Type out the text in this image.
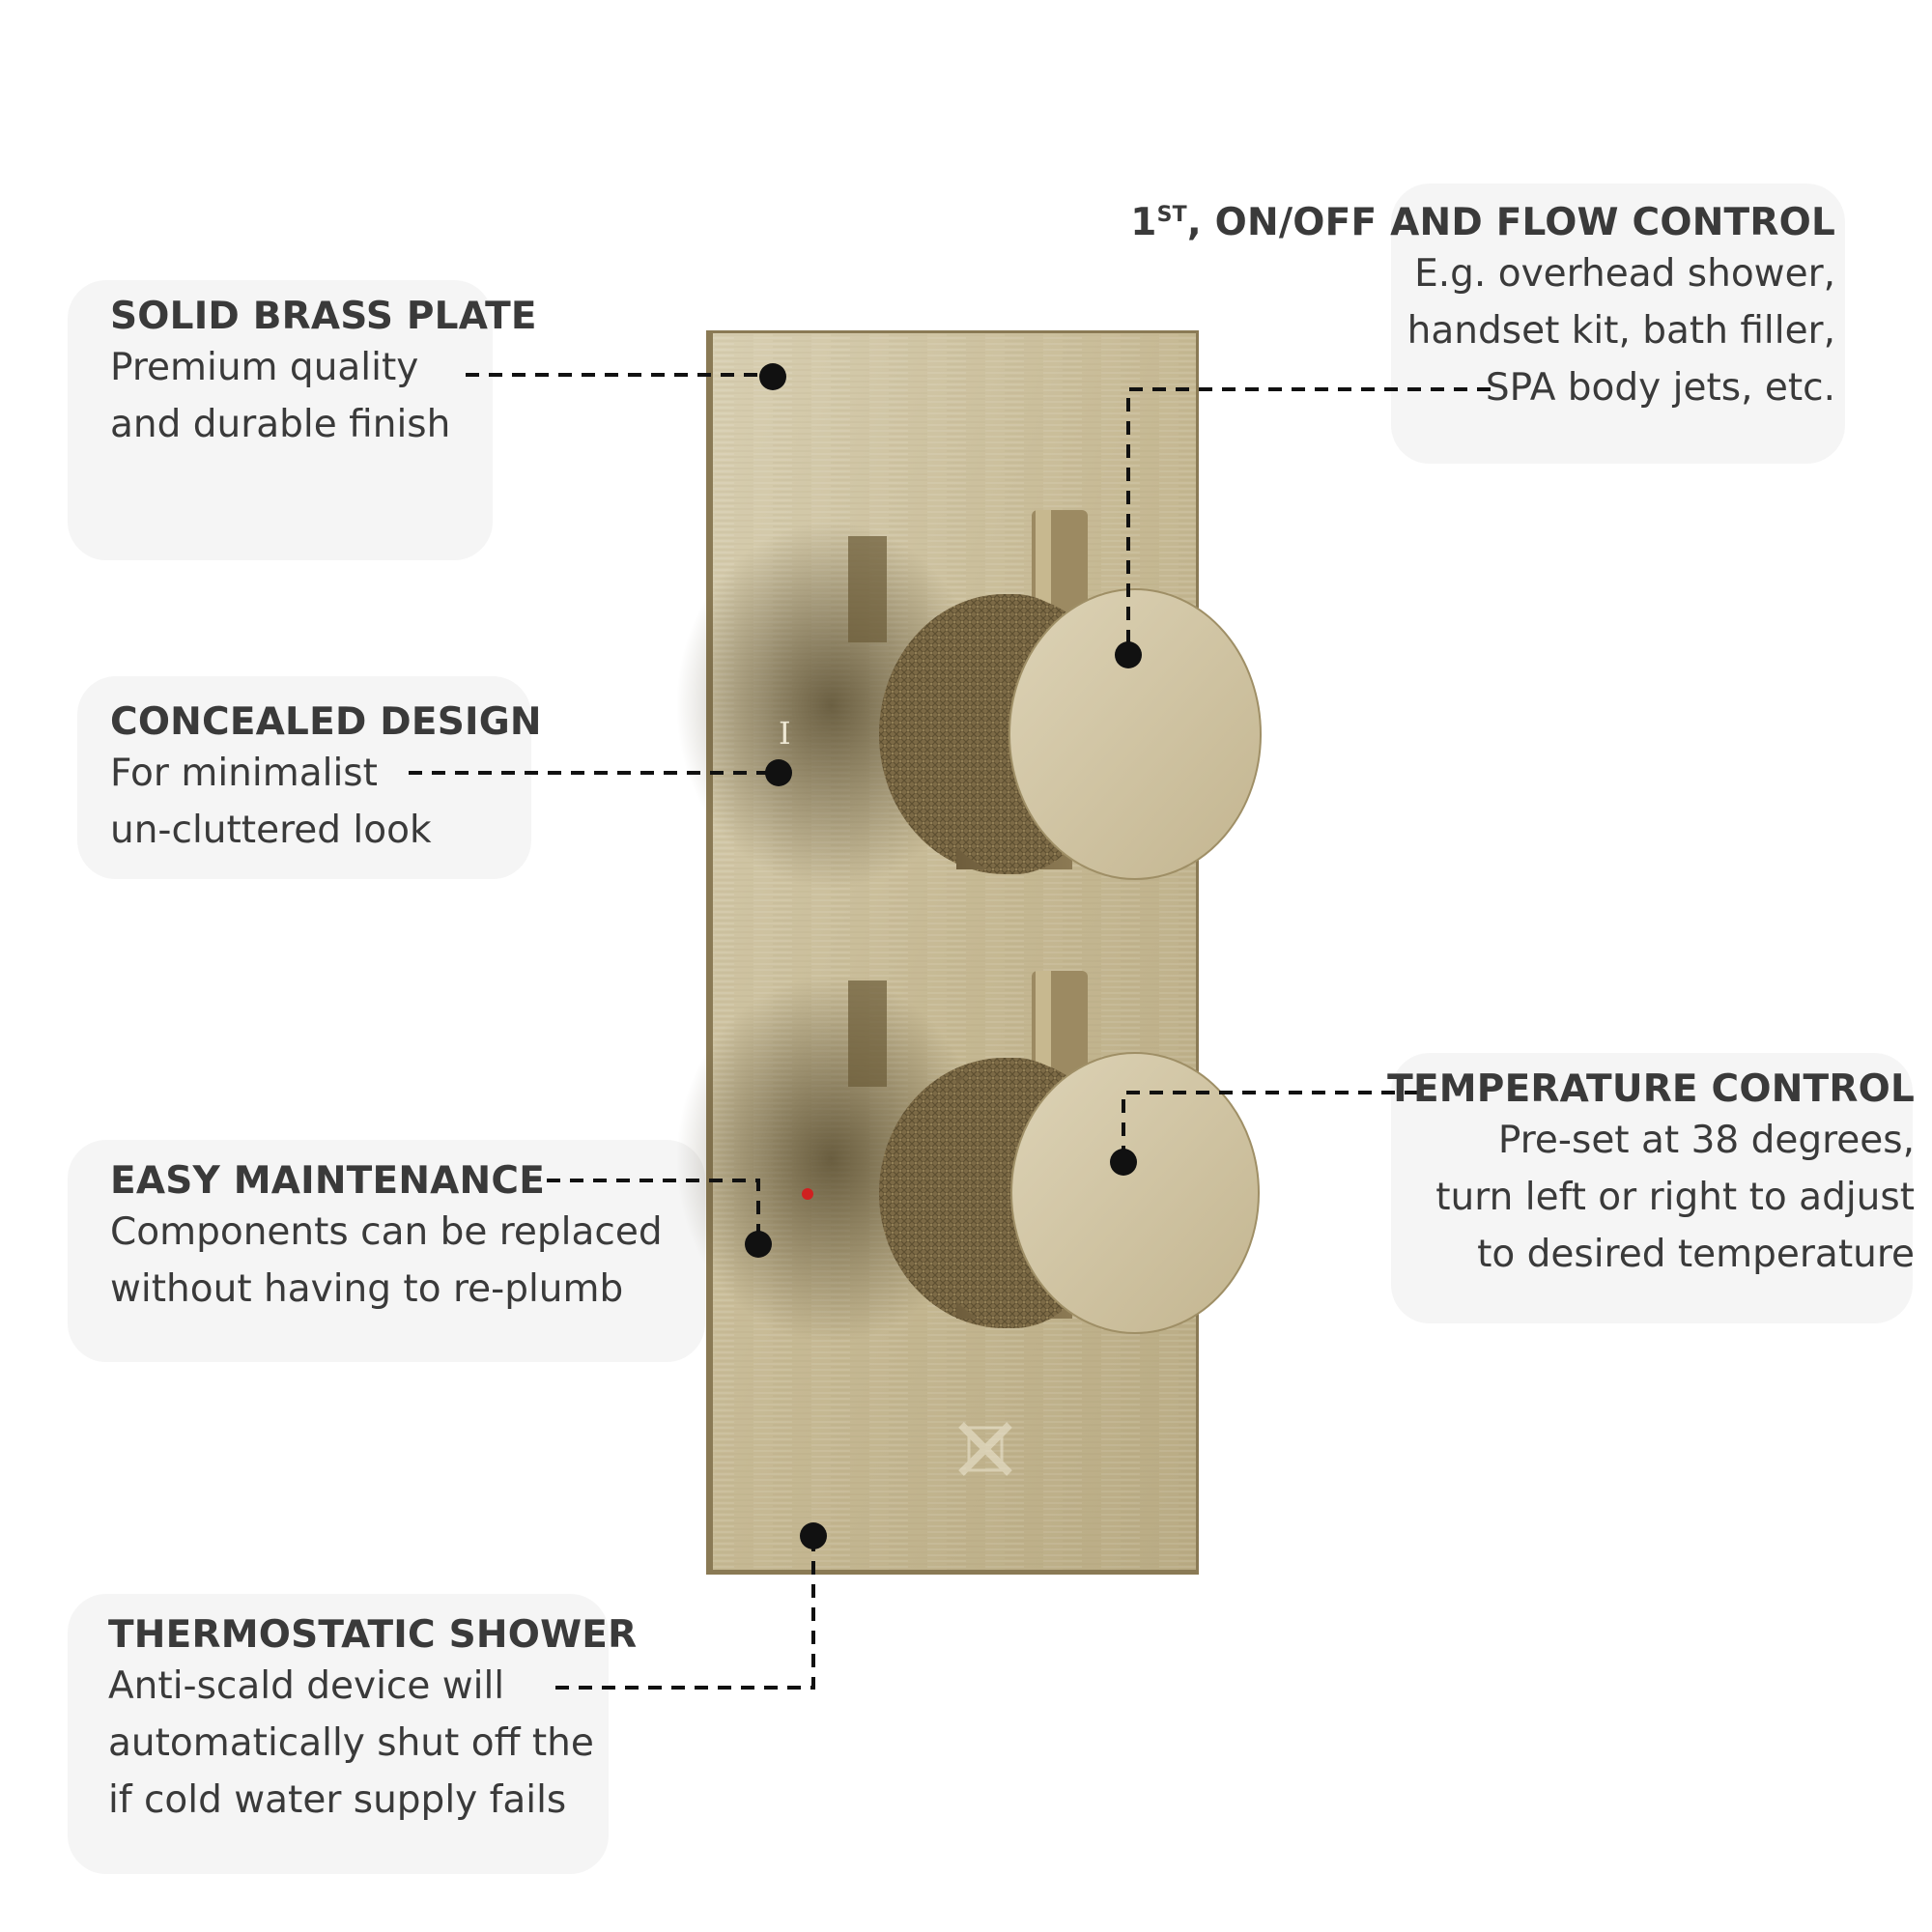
I
SOLID BRASS PLATE
Premium quality
and durable finish
CONCEALED DESIGN
For minimalist
un-cluttered look
EASY MAINTENANCE
Components can be replaced
without having to re-plumb
THERMOSTATIC SHOWER
Anti-scald device will
automatically shut off the
if cold water supply fails
1ST, ON/OFF AND FLOW CONTROL
E.g. overhead shower,
handset kit, bath filler,
SPA body jets, etc.
TEMPERATURE CONTROL
Pre-set at 38 degrees,
turn left or right to adjust
to desired temperature
